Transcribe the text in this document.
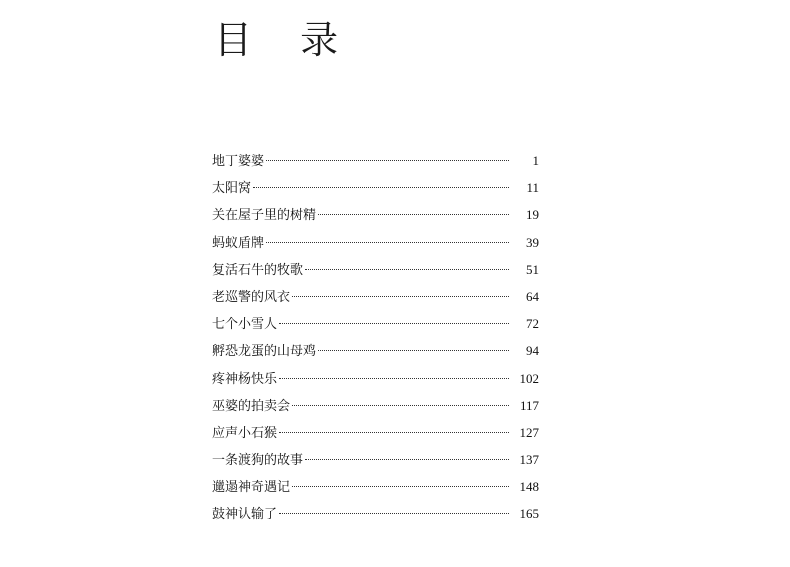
目 录
地丁婆婆	1
太阳窝	11
关在屋子里的树精	19
蚂蚁盾牌	39
复活石牛的牧歌	51
老巡警的风衣	64
七个小雪人	72
孵恐龙蛋的山母鸡	94
疼神杨快乐	102
巫婆的拍卖会	117
应声小石猴	127
一条渡狗的故事	137
邋遢神奇遇记	148
鼓神认输了	165
